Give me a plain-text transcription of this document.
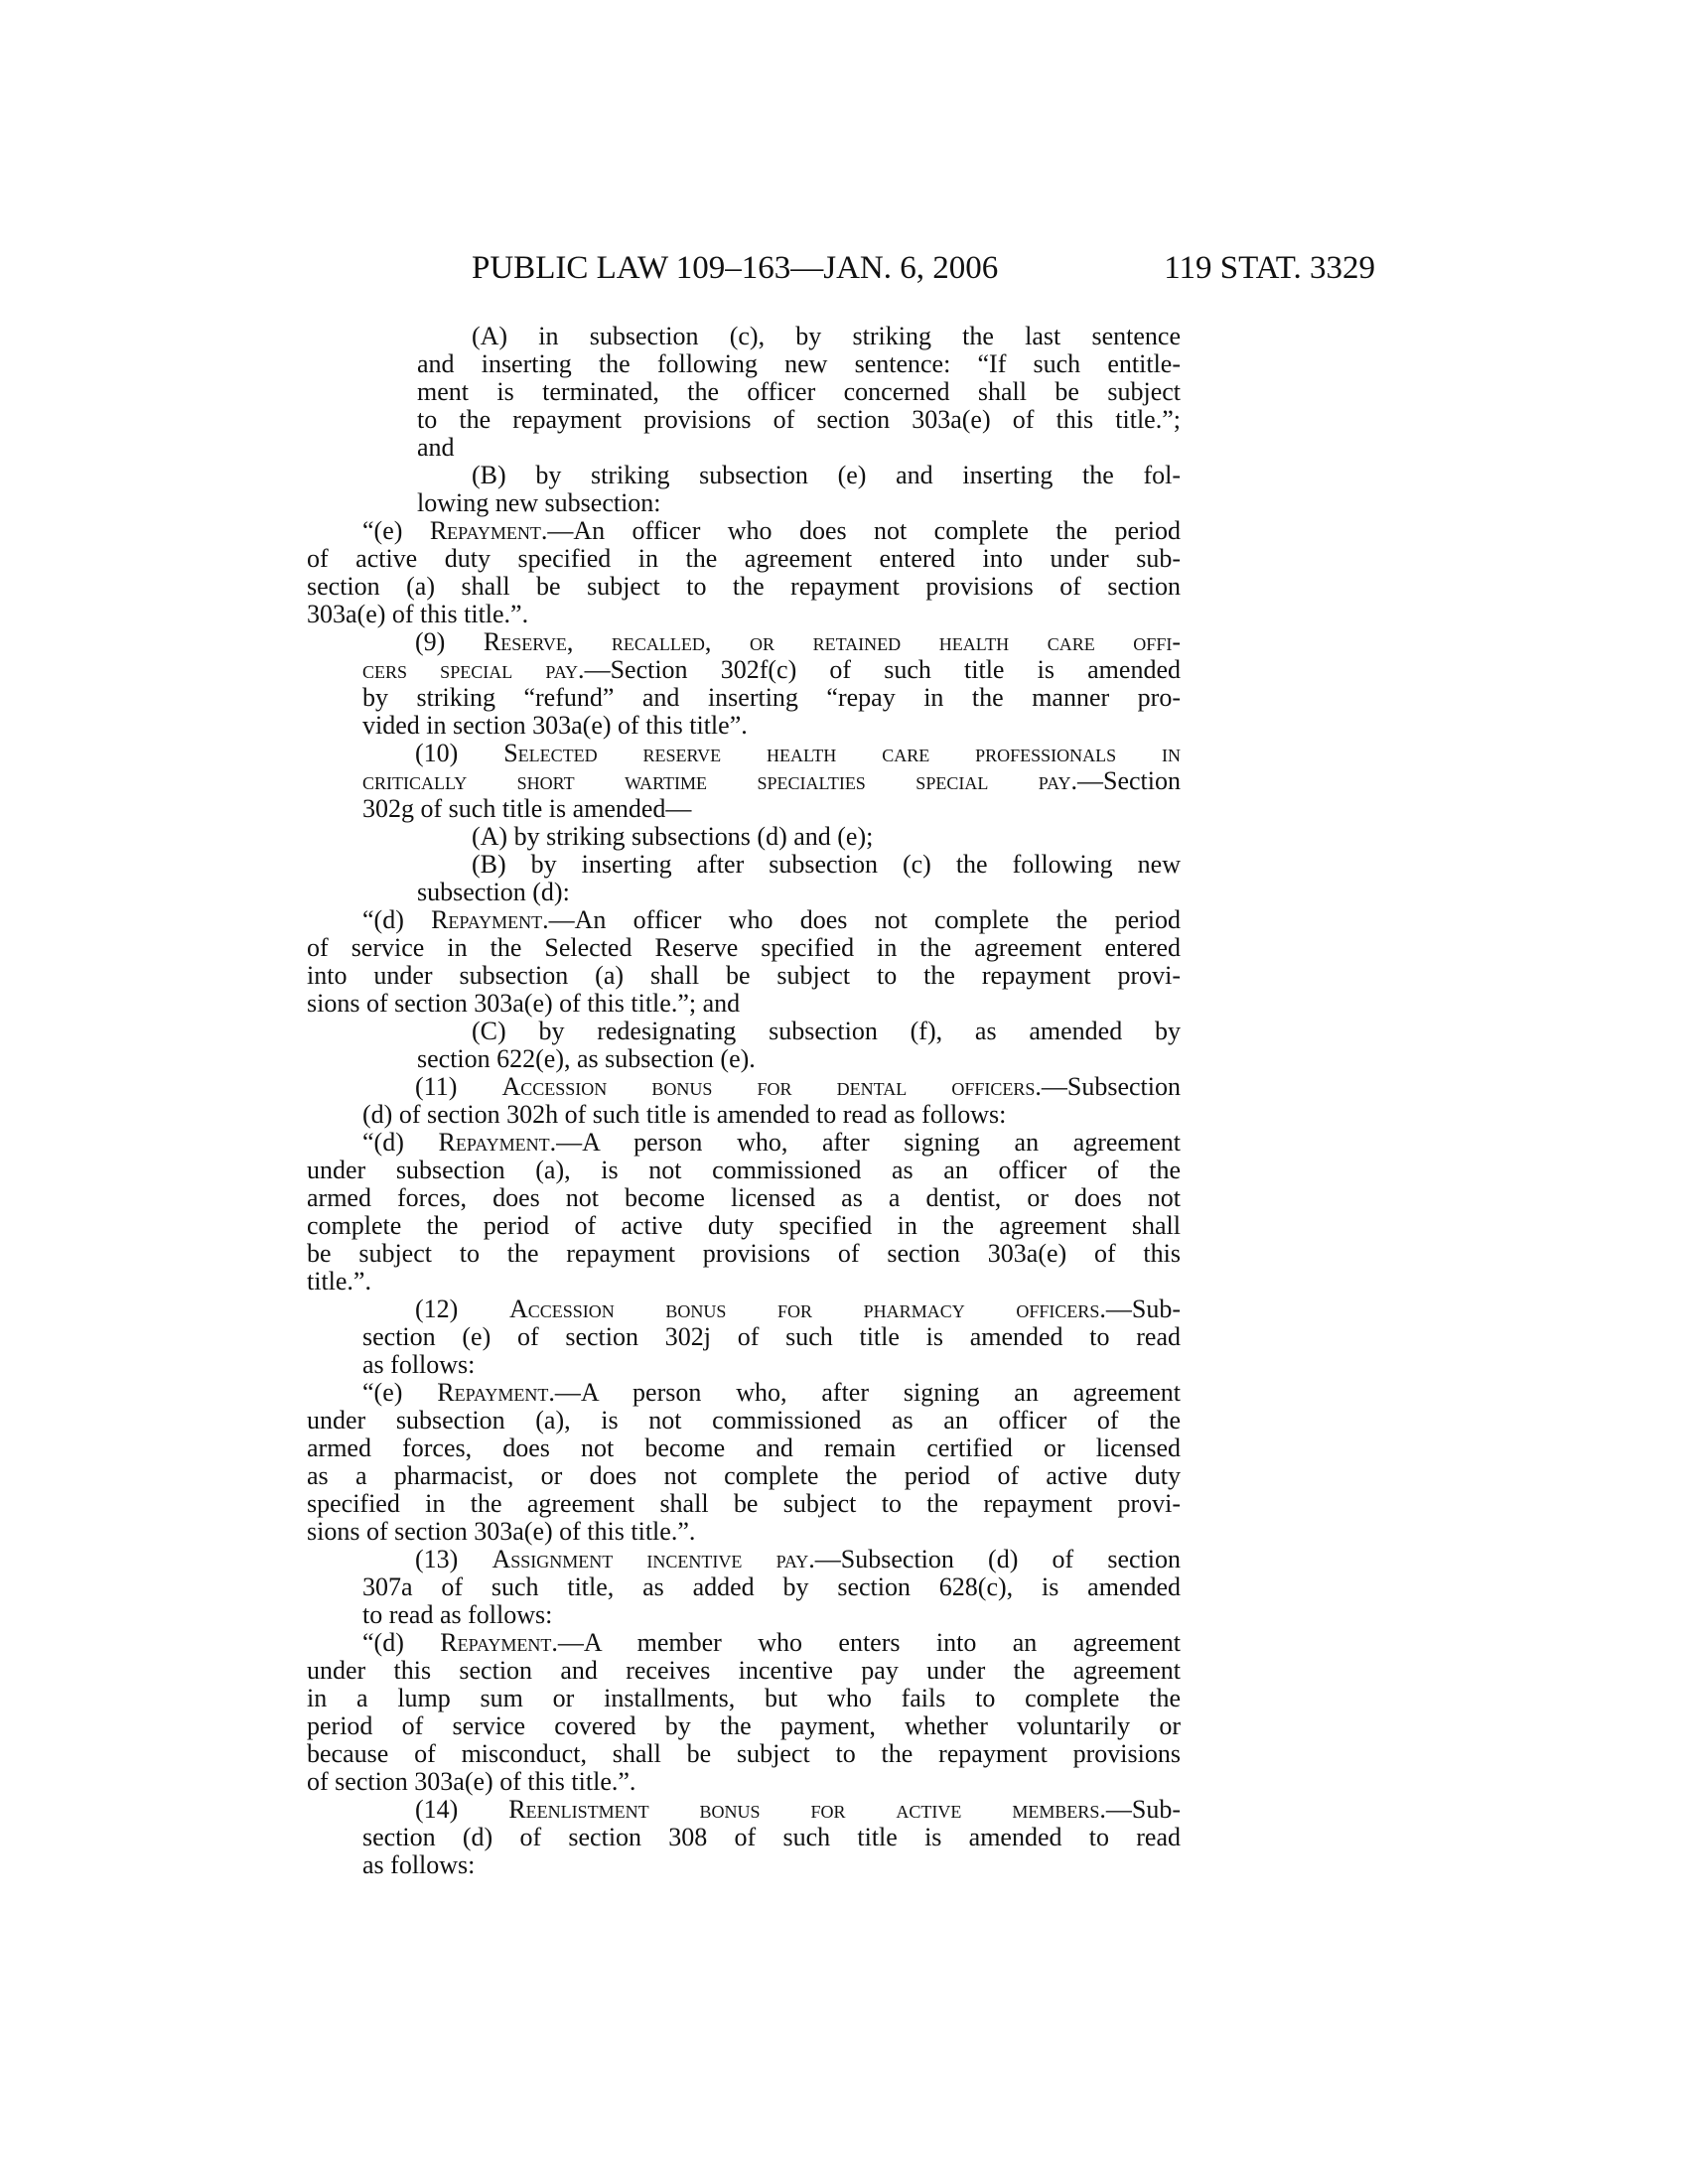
PUBLIC LAW 109–163—JAN. 6, 2006	119 STAT. 3329
(A) in subsection (c), by striking the last sentence
and inserting the following new sentence: “If such entitle-
ment is terminated, the officer concerned shall be subject
to the repayment provisions of section 303a(e) of this title.”;
and
(B) by striking subsection (e) and inserting the fol-
lowing new subsection:
“(e) Repayment.—An officer who does not complete the period
of active duty specified in the agreement entered into under sub-
section (a) shall be subject to the repayment provisions of section
303a(e) of this title.”.
(9) Reserve, recalled, or retained health care offi-
cers special pay.—Section 302f(c) of such title is amended
by striking “refund” and inserting “repay in the manner pro-
vided in section 303a(e) of this title”.
(10) Selected reserve health care professionals in
critically short wartime specialties special pay.—Section
302g of such title is amended—
(A) by striking subsections (d) and (e);
(B) by inserting after subsection (c) the following new
subsection (d):
“(d) Repayment.—An officer who does not complete the period
of service in the Selected Reserve specified in the agreement entered
into under subsection (a) shall be subject to the repayment provi-
sions of section 303a(e) of this title.”; and
(C) by redesignating subsection (f), as amended by
section 622(e), as subsection (e).
(11) Accession bonus for dental officers.—Subsection
(d) of section 302h of such title is amended to read as follows:
“(d) Repayment.—A person who, after signing an agreement
under subsection (a), is not commissioned as an officer of the
armed forces, does not become licensed as a dentist, or does not
complete the period of active duty specified in the agreement shall
be subject to the repayment provisions of section 303a(e) of this
title.”.
(12) Accession bonus for pharmacy officers.—Sub-
section (e) of section 302j of such title is amended to read
as follows:
“(e) Repayment.—A person who, after signing an agreement
under subsection (a), is not commissioned as an officer of the
armed forces, does not become and remain certified or licensed
as a pharmacist, or does not complete the period of active duty
specified in the agreement shall be subject to the repayment provi-
sions of section 303a(e) of this title.”.
(13) Assignment incentive pay.—Subsection (d) of section
307a of such title, as added by section 628(c), is amended
to read as follows:
“(d) Repayment.—A member who enters into an agreement
under this section and receives incentive pay under the agreement
in a lump sum or installments, but who fails to complete the
period of service covered by the payment, whether voluntarily or
because of misconduct, shall be subject to the repayment provisions
of section 303a(e) of this title.”.
(14) Reenlistment bonus for active members.—Sub-
section (d) of section 308 of such title is amended to read
as follows:
